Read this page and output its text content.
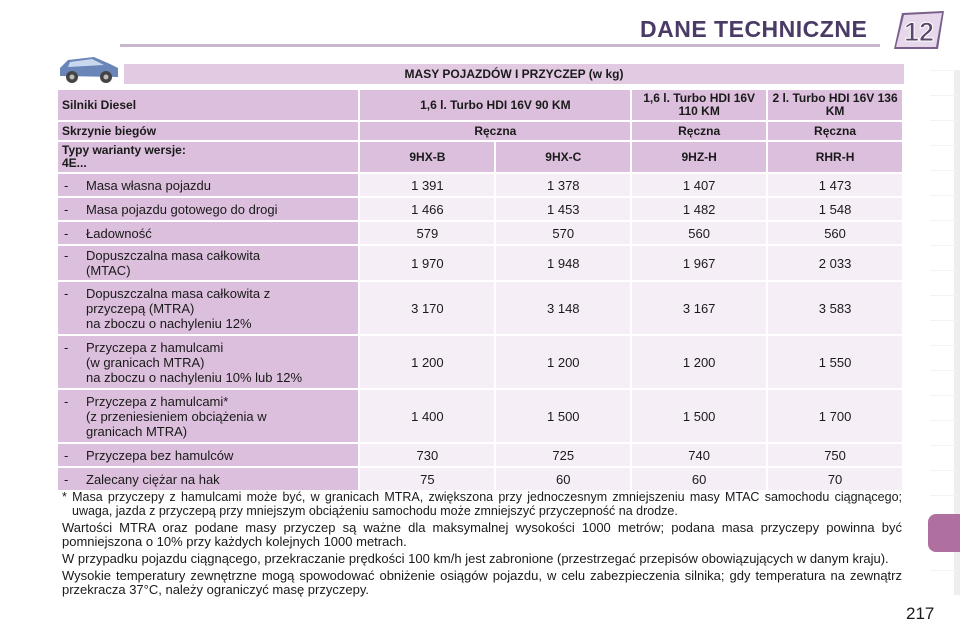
DANE TECHNICZNE 12
MASY POJAZDÓW I PRZYCZEP (w kg)
Silniki Diesel	1,6 l. Turbo HDI 16V 90 KM		1,6 l. Turbo HDI 16V 110 KM	2 l. Turbo HDI 16V 136 KM
Skrzynie biegów	Ręczna		Ręczna	Ręczna

Typy warianty wersje:
4E...	9HX-B	9HX-C	9HZ-H	RHR-H

- Masa własna pojazdu	1 391	1 378	1 407	1 473

- Masa pojazdu gotowego do drogi	1 466	1 453	1 482	1 548

- Ładowność	579	570	560	560

- Dopuszczalna masa całkowita
(MTAC)	1 970	1 948	1 967	2 033

- Dopuszczalna masa całkowita z
przyczepą (MTRA)
na zboczu o nachyleniu 12%	3 170	3 148	3 167	3 583

- Przyczepa z hamulcami
(w granicach MTRA)
na zboczu o nachyleniu 10% lub 12%	1 200	1 200	1 200	1 550

- Przyczepa z hamulcami*
(z przeniesieniem obciążenia w
granicach MTRA)	1 400	1 500	1 500	1 700

- Przyczepa bez hamulców	730	725	740	750

- Zalecany ciężar na hak	75	60	60	70

* Masa przyczepy z hamulcami może być, w granicach MTRA, zwiększona przy jednoczesnym zmniejszeniu masy MTAC samochodu ciągnącego; uwaga, jazda z przyczepą przy mniejszym obciążeniu samochodu może zmniejszyć przyczepność na drodze.

Wartości MTRA oraz podane masy przyczep są ważne dla maksymalnej wysokości 1000 metrów; podana masa przyczepy powinna być pomniejszona o 10% przy każdych kolejnych 1000 metrach.

W przypadku pojazdu ciągnącego, przekraczanie prędkości 100 km/h jest zabronione (przestrzegać przepisów obowiązujących w danym kraju).

Wysokie temperatury zewnętrzne mogą spowodować obniżenie osiągów pojazdu, w celu zabezpieczenia silnika; gdy temperatura na zewnątrz przekracza 37°C, należy ograniczyć masę przyczepy.

217
